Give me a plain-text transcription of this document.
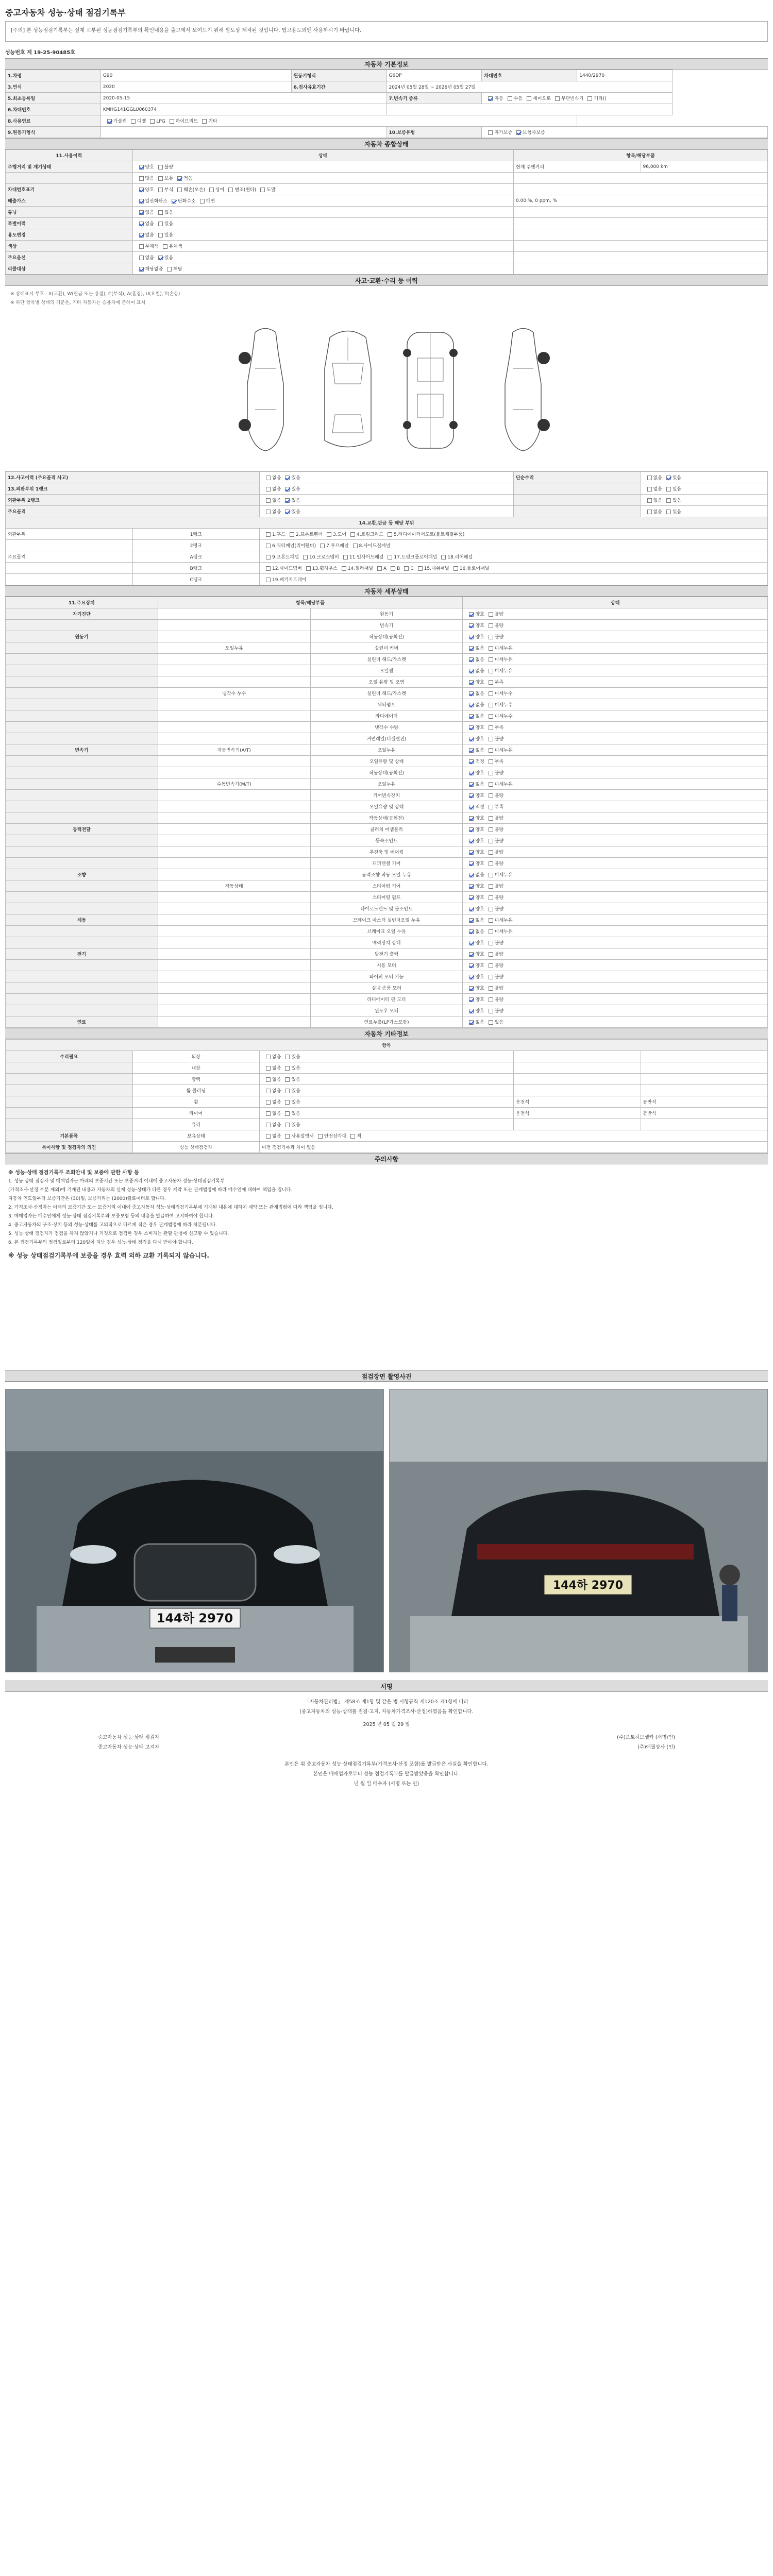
중고자동차 성능·상태 점검기록부
[주의] 본 성능점검기록부는 실제 교부된 성능점검기록부의 확인내용을 출고에서 보여드기 위해 발도상 제작된 것입니다. 법고용도외엔 사용하시기 바랍니다.
성능번호 제 19-25-90485호
자동차 기본정보
1.차명	G90	원동기형식	G6DP	차대번호	1440/2970
3.연식	2020	6.검사유효기간	2024년 05월 28일 ~ 2026년 05월 27일		
5.최초등록일	2020-05-15		7.변속기 종류	자동 수동 세미오토 무단변속기 기타()	
6.차대번호	KMHG141GGLU060374				
8.사용연료	가솔린 디젤 LPG 하이브리드 기타				
9.원동기형식			10.보증유형	자가보증 보험사보증	
자동차 종합상태
11.사용이력	상태	항목/해당부품	
주행거리 및 계기상태	양호 불량	현재 주행거리	96,000 km
	많음 보통 적음		
차대번호표기	양호 부식 훼손(오손) 상이 변조(변타) 도말		
배출가스	일산화탄소 탄화수소 매연	0.00 %, 0 ppm, %	
튜닝	없음 있음		
특별이력	없음 있음		
용도변경	없음 있음		
색상	무채색 유채색		
주요옵션	없음 있음		
리콜대상	해당없음 해당		
사고·교환·수리 등 이력
※ 상태표시 부호 : X(교환), W(판금 또는 용접), C(부식), A(흠집), U(요철), T(손상)
※ 하단 항목별 상태의 기준은, 기타 자동차는 승용차에 준하여 표시
12.사고이력 (주요골격 사고)		없음 있음	단순수리	없음 있음
13.외판부위 1랭크		없음 있음		없음 있음
외판부위 2랭크		없음 있음		없음 있음
주요골격		없음 있음		없음 있음
14.교환,판금 등 해당 부위				
외판부위	1랭크	1.후드 2.프론트휀더 3.도어 4.트렁크리드 5.라디에이터서포트(볼트체결부품)		
	2랭크	6.쿼터패널(리어휀더) 7.루프패널 8.사이드실패널		
주요골격	A랭크	9.프론트패널 10.크로스멤버 11.인사이드패널 17.트렁크플로어패널 18.리어패널		
	B랭크	12.사이드멤버 13.휠하우스 14.필러패널 A B C 15.대쉬패널 16.플로어패널		
	C랭크	19.패키지트레이		
자동차 세부상태
11.주요장치	항목/해당부품		상태
자기진단		원동기	양호 불량
		변속기	양호 불량
원동기		작동상태(공회전)	양호 불량
	오일누유	실린더 커버	없음 미세누유
		실린더 헤드/가스켓	없음 미세누유
		오일팬	없음 미세누유
		오일 유량 및 오염	양호 부족
	냉각수 누수	실린더 헤드/가스켓	없음 미세누수
		워터펌프	없음 미세누수
		라디에이터	없음 미세누수
		냉각수 수량	양호 부족
		커먼레일(디젤엔진)	양호 불량
변속기	자동변속기(A/T)	오일누유	없음 미세누유
		오일유량 및 상태	적정 부족
		작동상태(공회전)	양호 불량
	수동변속기(M/T)	오일누유	없음 미세누유
		기어변속장치	양호 불량
		오일유량 및 상태	적정 부족
		작동상태(공회전)	양호 불량
동력전달		클러치 어셈블리	양호 불량
		등속조인트	양호 불량
		추진축 및 베어링	양호 불량
		디퍼렌셜 기어	양호 불량
조향		동력조향 작동 오일 누유	없음 미세누유
	작동상태	스티어링 기어	양호 불량
		스티어링 펌프	양호 불량
		타이로드엔드 및 볼조인트	양호 불량
제동		브레이크 마스터 실린더오일 누유	없음 미세누유
		브레이크 오일 누유	없음 미세누유
		배력장치 상태	양호 불량
전기		발전기 출력	양호 불량
		시동 모터	양호 불량
		와이퍼 모터 기능	양호 불량
		실내 송풍 모터	양호 불량
		라디에이터 팬 모터	양호 불량
		윈도우 모터	양호 불량
연료		연료누출(LP가스포함)	없음 있음
자동차 기타정보
항목				
수리필요	외장	없음 있음		
	내장	없음 있음		
	광택	없음 있음		
	룸 클리닝	없음 있음		
	휠	없음 있음	운전석	동반석
	타이어	없음 있음	운전석	동반석
	유리	없음 있음		
기본품목	보유상태	없음 사용설명서 안전삼각대 잭		
특이사항 및 점검자의 의견	성능 상태점검자	이전 점검기록과 차이 없음		
주의사항
※ 성능·상태 점검기록부 조회안내 및 보증에 관한 사항 등
1. 성능·상태 점검자 및 매매업자는 아래의 보증기간 또는 보증거리 이내에 중고자동차 성능·상태점검기록부
(가격조사·산정 부분 제외)에 기재된 내용과 자동차의 실제 성능·상태가 다른 경우 계약 또는 관계법령에 따라 매수인에 대하여 책임을 집니다.
자동차 인도일부터 보증기간은 (30)일, 보증거리는 (2000)킬로미터로 합니다.
2. 가격조사·산정자는 아래의 보증기간 또는 보증거리 이내에 중고자동차 성능·상태점검기록부에 기재된 내용에 대하여 계약 또는 관계법령에 따라 책임을 집니다.
3. 매매업자는 매수인에게 성능·상태 점검기록부와 보증보험 등의 내용을 발급하여 고지하여야 합니다.
4. 중고자동차의 구조·장치 등의 성능·상태를 고의적으로 다르게 적은 경우 관계법령에 따라 처분됩니다.
5. 성능·상태 점검자가 점검을 하지 않았거나 거짓으로 점검한 경우 소비자는 관할 관청에 신고할 수 있습니다.
6. 본 점검기록부의 점검일로부터 120일이 지난 경우 성능·상태 점검을 다시 받아야 합니다.
※ 성능 상태점검기록부에 보증을 경우 효력 외하 교환 기록되지 않습니다.
점검장면 촬영사진
144하 2970
144하 2970
서명
「자동차관리법」 제58조 제1항 및 같은 법 시행규칙 제120조 제1항에 따라
(중고자동차의 성능·상태를 점검·고지, 자동차가격조사·산정)하였음을 확인합니다.
2025 년 05 월 29 일
중고자동차 성능·상태 점검자	(주)오토허브셀카 (서명/인)
중고자동차 성능·상태 고지자	(주)에필상사 (인)
본인은 위 중고자동차 성능·상태점검기록부(가격조사·산정 포함)를 발급받은 사실을 확인합니다.
본인은 매매업자로부터 성능 점검기록부를 발급받았음을 확인합니다.
년 월 일 매수자 (서명 또는 인)
